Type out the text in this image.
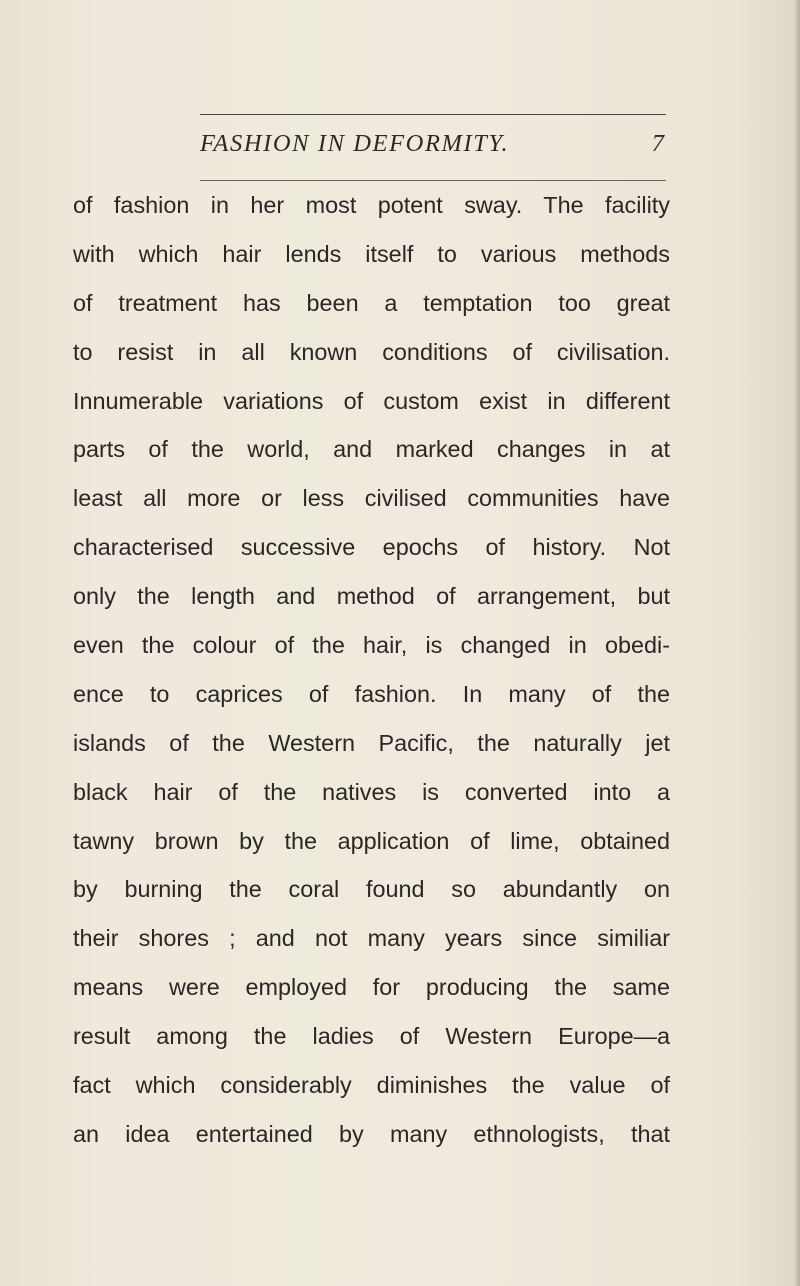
FASHION IN DEFORMITY.	7
of fashion in her most potent sway. The facility
with which hair lends itself to various methods
of treatment has been a temptation too great
to resist in all known conditions of civilisation.
Innumerable variations of custom exist in different
parts of the world, and marked changes in at
least all more or less civilised communities have
characterised successive epochs of history. Not
only the length and method of arrangement, but
even the colour of the hair, is changed in obedi-
ence to caprices of fashion. In many of the
islands of the Western Pacific, the naturally jet
black hair of the natives is converted into a
tawny brown by the application of lime, obtained
by burning the coral found so abundantly on
their shores ; and not many years since similiar
means were employed for producing the same
result among the ladies of Western Europe—a
fact which considerably diminishes the value of
an idea entertained by many ethnologists, that
